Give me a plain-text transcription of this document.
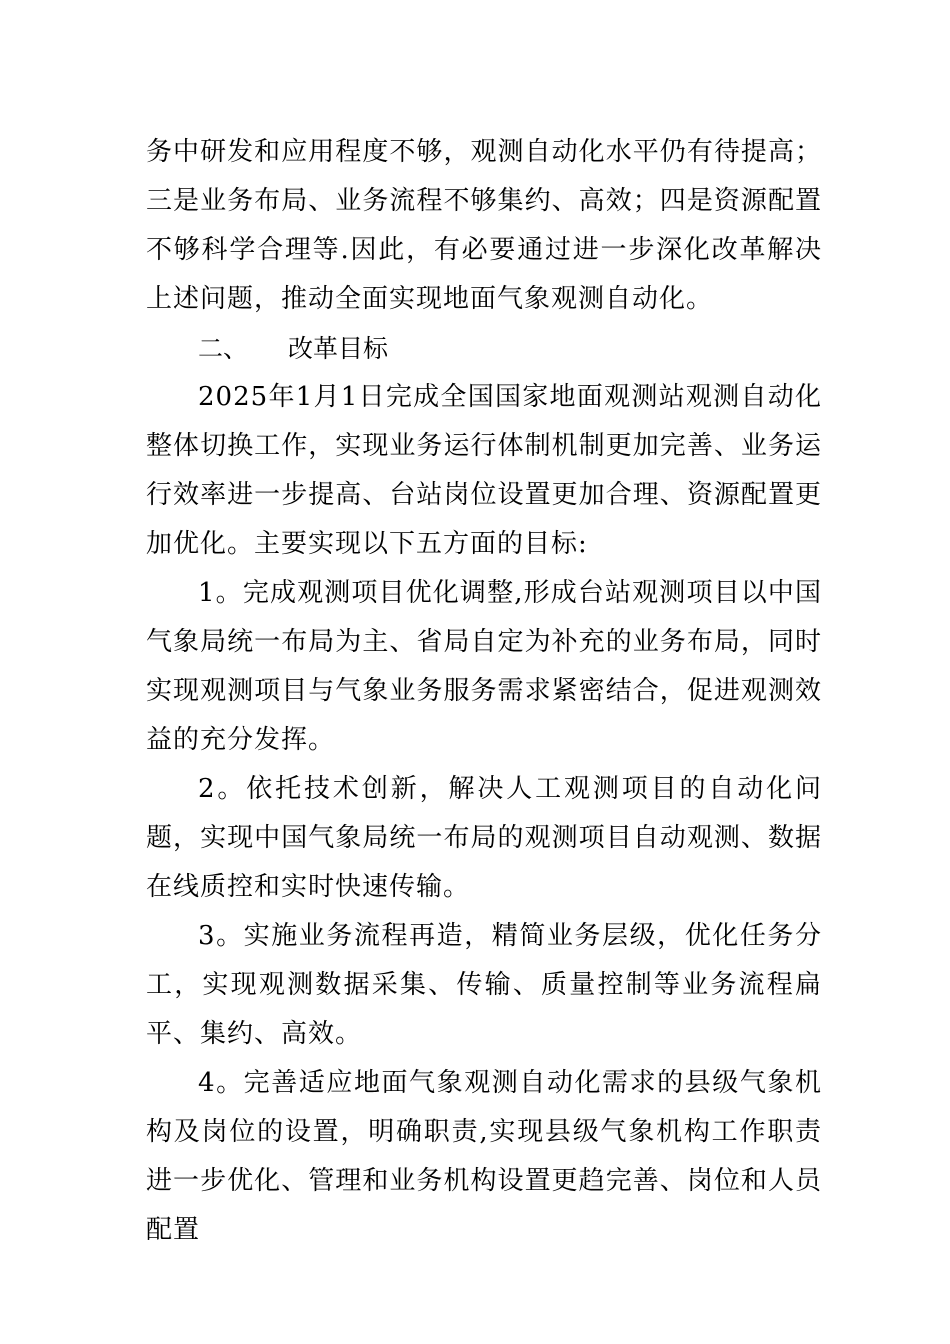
务中研发和应用程度不够，观测自动化水平仍有待提高；三是业务布局、业务流程不够集约、高效；四是资源配置不够科学合理等.因此，有必要通过进一步深化改革解决上述问题，推动全面实现地面气象观测自动化。

二、 改革目标

2025年1月1日完成全国国家地面观测站观测自动化整体切换工作，实现业务运行体制机制更加完善、业务运行效率进一步提高、台站岗位设置更加合理、资源配置更加优化。主要实现以下五方面的目标:

1。完成观测项目优化调整,形成台站观测项目以中国气象局统一布局为主、省局自定为补充的业务布局，同时实现观测项目与气象业务服务需求紧密结合，促进观测效益的充分发挥。

2。依托技术创新，解决人工观测项目的自动化问题，实现中国气象局统一布局的观测项目自动观测、数据在线质控和实时快速传输。

3。实施业务流程再造，精简业务层级，优化任务分工，实现观测数据采集、传输、质量控制等业务流程扁平、集约、高效。

4。完善适应地面气象观测自动化需求的县级气象机构及岗位的设置，明确职责,实现县级气象机构工作职责进一步优化、管理和业务机构设置更趋完善、岗位和人员配置
